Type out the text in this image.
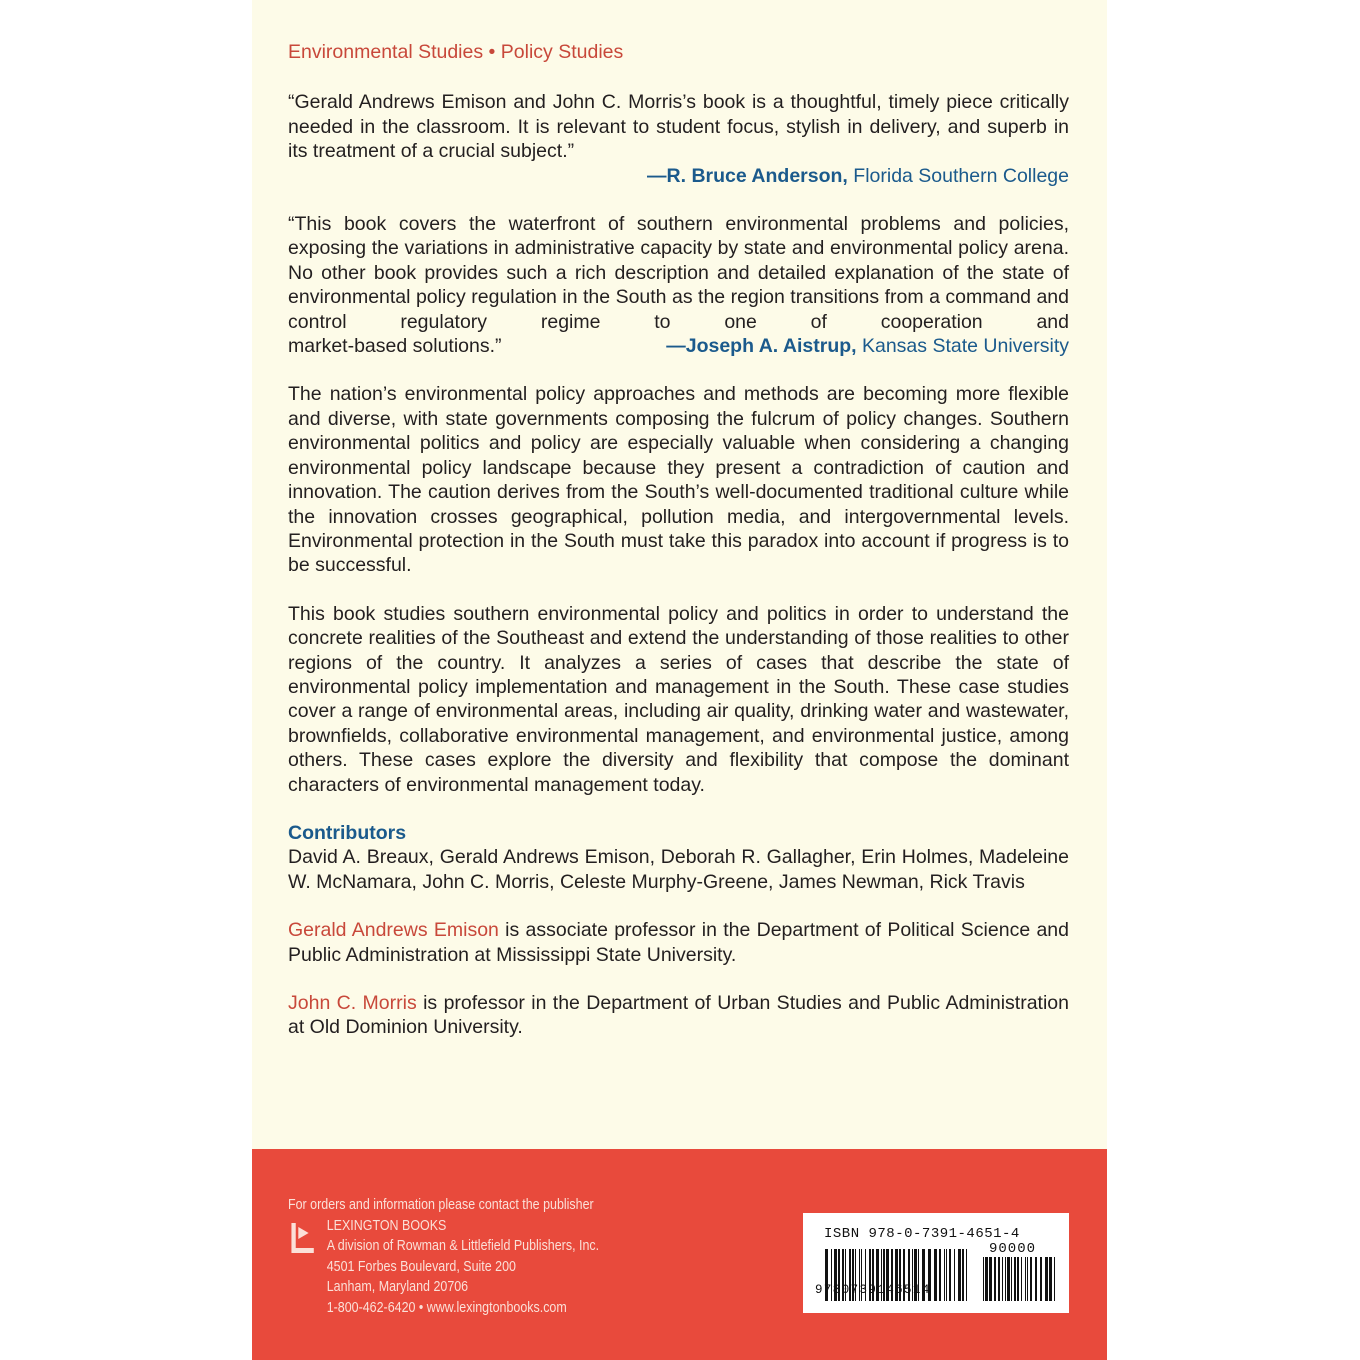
Environmental Studies • Policy Studies
“Gerald Andrews Emison and John C. Morris’s book is a thoughtful, timely piece critically needed in the classroom. It is relevant to student focus, stylish in delivery, and superb in its treatment of a crucial subject.”
—R. Bruce Anderson, Florida Southern College
“This book covers the waterfront of southern environmental problems and policies, exposing the variations in administrative capacity by state and environmental policy arena. No other book provides such a rich description and detailed explanation of the state of environmental policy regulation in the South as the region transitions from a command and control regulatory regime to one of cooperation and
market-based solutions.”	—Joseph A. Aistrup, Kansas State University

The nation’s environmental policy approaches and methods are becoming more flexible and diverse, with state governments composing the fulcrum of policy changes. Southern environmental politics and policy are especially valuable when considering a changing environmental policy landscape because they present a contradiction of caution and innovation. The caution derives from the South’s well-documented traditional culture while the innovation crosses geographical, pollution media, and intergovernmental levels. Environmental protection in the South must take this paradox into account if progress is to be successful.

This book studies southern environmental policy and politics in order to understand the concrete realities of the Southeast and extend the understanding of those realities to other regions of the country. It analyzes a series of cases that describe the state of environmental policy implementation and management in the South. These case studies cover a range of environmental areas, including air quality, drinking water and wastewater, brownfields, collaborative environmental management, and environmental justice, among others. These cases explore the diversity and flexibility that compose the dominant characters of environmental management today.

Contributors
David A. Breaux, Gerald Andrews Emison, Deborah R. Gallagher, Erin Holmes, Madeleine W. McNamara, John C. Morris, Celeste Murphy-Greene, James Newman, Rick Travis

Gerald Andrews Emison is associate professor in the Department of Political Science and Public Administration at Mississippi State University.

John C. Morris is professor in the Department of Urban Studies and Public Administration at Old Dominion University.

For orders and information please contact the publisher
LEXINGTON BOOKS
A division of Rowman & Littlefield Publishers, Inc.
4501 Forbes Boulevard, Suite 200
Lanham, Maryland 20706
1-800-462-6420 • www.lexingtonbooks.com
ISBN 978-0-7391-4651-4
90000
9780739146514
